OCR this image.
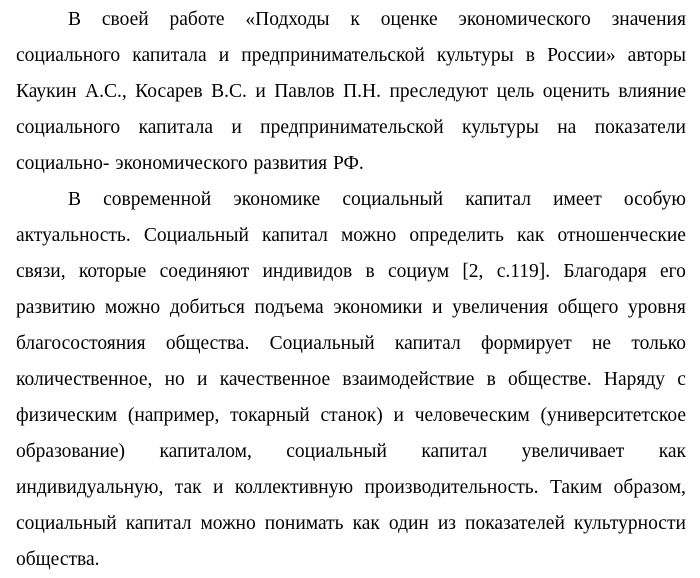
В своей работе «Подходы к оценке экономического значения
социального капитала и предпринимательской культуры в России» авторы
Каукин А.С., Косарев В.С. и Павлов П.Н. преследуют цель оценить влияние
социального капитала и предпринимательской культуры на показатели
социально- экономического развития РФ.
В современной экономике социальный капитал имеет особую
актуальность. Социальный капитал можно определить как отношенческие
связи, которые соединяют индивидов в социум [2, с.119]. Благодаря его
развитию можно добиться подъема экономики и увеличения общего уровня
благосостояния общества. Социальный капитал формирует не только
количественное, но и качественное взаимодействие в обществе. Наряду с
физическим (например, токарный станок) и человеческим (университетское
образование) капиталом, социальный капитал увеличивает как
индивидуальную, так и коллективную производительность. Таким образом,
социальный капитал можно понимать как один из показателей культурности
общества.
